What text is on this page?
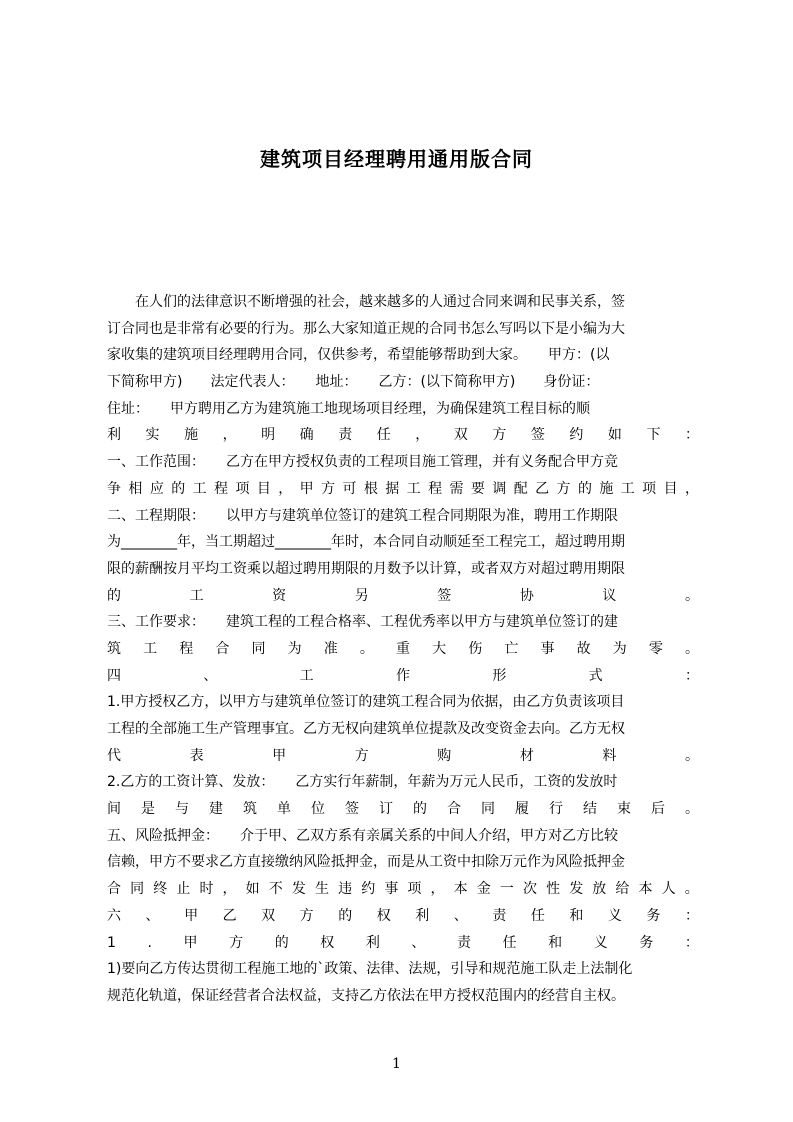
建筑项目经理聘用通用版合同
　　在人们的法律意识不断增强的社会，越来越多的人通过合同来调和民事关系，签
订合同也是非常有必要的行为。那么大家知道正规的合同书怎么写吗以下是小编为大
家收集的建筑项目经理聘用合同，仅供参考，希望能够帮助到大家。　　甲方：(以
下简称甲方)　　法定代表人：　　地址：　　乙方：(以下简称甲方)　　身份证：
住址：　　甲方聘用乙方为建筑施工地现场项目经理，为确保建筑工程目标的顺
利 实 施 ， 明 确 责 任 ， 双 方 签 约 如 下 ：
一、工作范围：　　乙方在甲方授权负责的工程项目施工管理，并有义务配合甲方竞
争 相 应 的 工 程 项 目 ， 甲 方 可 根 据 工 程 需 要 调 配 乙 方 的 施 工 项 目 ，
二、工程期限：　　以甲方与建筑单位签订的建筑工程合同期限为准，聘用工作期限
为________年，当工期超过________年时，本合同自动顺延至工程完工，超过聘用期
限的薪酬按月平均工资乘以超过聘用期限的月数予以计算，或者双方对超过聘用期限
的	工	资	另	签	协	议	。
三、工作要求：　　建筑工程的工程合格率、工程优秀率以甲方与建筑单位签订的建
筑 工 程 合 同 为 准 。 重 大 伤 亡 事 故 为 零 。
四	、	工	作	形	式	：
1.甲方授权乙方，以甲方与建筑单位签订的建筑工程合同为依据，由乙方负责该项目
工程的全部施工生产管理事宜。乙方无权向建筑单位提款及改变资金去向。乙方无权
代	表	甲	方	购	材	料	。
2.乙方的工资计算、发放：　　乙方实行年薪制，年薪为万元人民币，工资的发放时
间 是 与 建 筑 单 位 签 订 的 合 同 履 行 结 束 后 。
五、风险抵押金：　　介于甲、乙双方系有亲属关系的中间人介绍，甲方对乙方比较
信赖，甲方不要求乙方直接缴纳风险抵押金，而是从工资中扣除万元作为风险抵押金
合 同 终 止 时 ， 如 不 发 生 违 约 事 项 ， 本 金 一 次 性 发 放 给 本 人 。
六 、 甲 乙 双 方 的 权 利 、 责 任 和 义 务 ：
1 . 甲 方 的 权 利 、 责 任 和 义 务 ：
1)要向乙方传达贯彻工程施工地的`政策、法律、法规，引导和规范施工队走上法制化
规范化轨道，保证经营者合法权益，支持乙方依法在甲方授权范围内的经营自主权。
1
